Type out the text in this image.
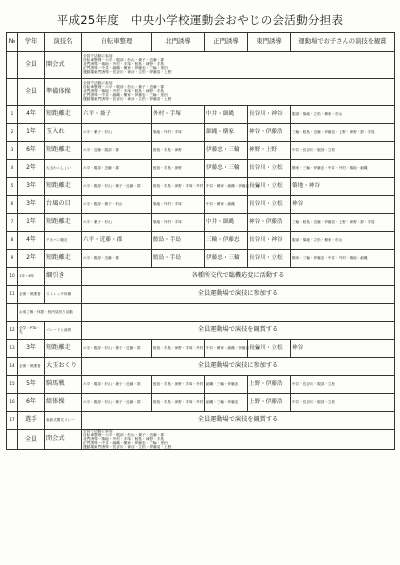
平成25年度　中央小学校運動会おやじの会活動分担表
№	学年	演技名	自転車整理	北門誘導	正門誘導	東門誘導	運動場でお子さんの演技を観賞
	全員	開会式	全員で活動に参加
自転車整理－六平・服部・杉山・兼子・近藤・郡
北門誘導－築地・外村・手塚・鮫島・神野・手島
正門誘導－中井・細縄・横家・伊藤忠・三輪・里田
運動場東門誘導－長谷川・神谷・立松・伊藤浩・上野				

	全員	準備体操	全員で活動に参加
自転車整理－六平・服部・杉山・兼子・近藤・郡
北門誘導－築地・外村・手塚・鮫島・神野・手島
正門誘導－中井・細縄・横家・伊藤忠・三輪・里田
運動場東門誘導－長谷川・神谷・立松・伊藤浩・上野				

1	4年	短距離走	六平・兼子	外村・手塚	中井・細縄	長谷川・神谷	服部・築地・立松・横家・杉山
2	1年	玉入れ	六平・兼子・杉山	築地・外村・手塚	細縄・横家	神谷・伊藤浩	三輪・鮫島・近藤・伊藤忠・上野・神野・郡・手島
3	6年	短距離走	六平・近藤・服部・郡	鮫島・手島・神野	伊藤忠・三輪	神野・上野	中井・長谷川・服部・立松
4	2年	大玉わっしょい	六平・服部・近藤・郡	鮫島・手島・神野	伊藤忠・三輪	長谷川・立松	横家・三輪・伊藤忠・中井・外村・築地・細縄
5	3年	短距離走	六平・服部・杉山・兼子・近藤・郡	鮫島・手島・神野・手塚・外村	中井・横家・細縄・伊藤忠・三輪	長谷川・立松	築地・神谷
6	3年	台風の目	六平・服部・兼子・杉山	築地・外村・手塚	中井・横家・細縄	長谷川・立松	神谷
7	1年	短距離走	六平・兼子・杉山	築地・外村・手塚	中井・細縄	神谷・伊藤浩	三輪・鮫島・近藤・伊藤忠・上野・神野・郡・手島
8	4年	デカパン競走	六平・近藤・郡	鮫島・手島	三輪・伊藤忠	長谷川・神谷	服部・築地・立松・横家・杉山
9	2年	短距離走	六平・服部・近藤・郡	鮫島・手島	伊藤忠・三輪	長谷川・立松	横家・三輪・伊藤忠・中井・外村・築地・細縄
10	1年～6年	綱引き	各種所交代で臨機応変に活動する				
11	全保・保護者	ストレッチ体操	全員運動場で演技に参加する				
	お楽ご飯・休憩・校内見回り活動						
12	全学・PTA・先	パレードと演奏	全員運動場で演技を観賞する				
13	3年	短距離走	六平・服部・杉山・兼子・近藤・郡	鮫島・手島・神野・手塚・外村	中井・横家・細縄・伊藤忠・三輪	長谷川・立松	神谷
14	全保・保護者	大玉おくり	全員運動場で演技に参加する				
15	5年	騎馬戦	六平・服部・杉山・兼子・近藤・郡	鮫島・手島・神野・手塚・外村	細縄・三輪・伊藤忠	上野・伊藤浩	中井・長谷川・服部・立松
16	6年	組体操	六平・服部・杉山・兼子・近藤・郡	鮫島・手島・神野・手塚・外村	細縄・三輪・伊藤忠	上野・伊藤浩	中井・長谷川・服部・立松
17	選手	表彰式開式リレー	全員運動場で演技を観賞する				
	全員	閉会式	全員で活動に参加
自転車整理－六平・服部・杉山・兼子・近藤・郡
北門誘導－築地・外村・手塚・鮫島・神野・手島
正門誘導－中井・細縄・横家・伊藤忠・三輪・里田
運動場東門誘導－長谷川・神谷・立松・伊藤浩・上野				
